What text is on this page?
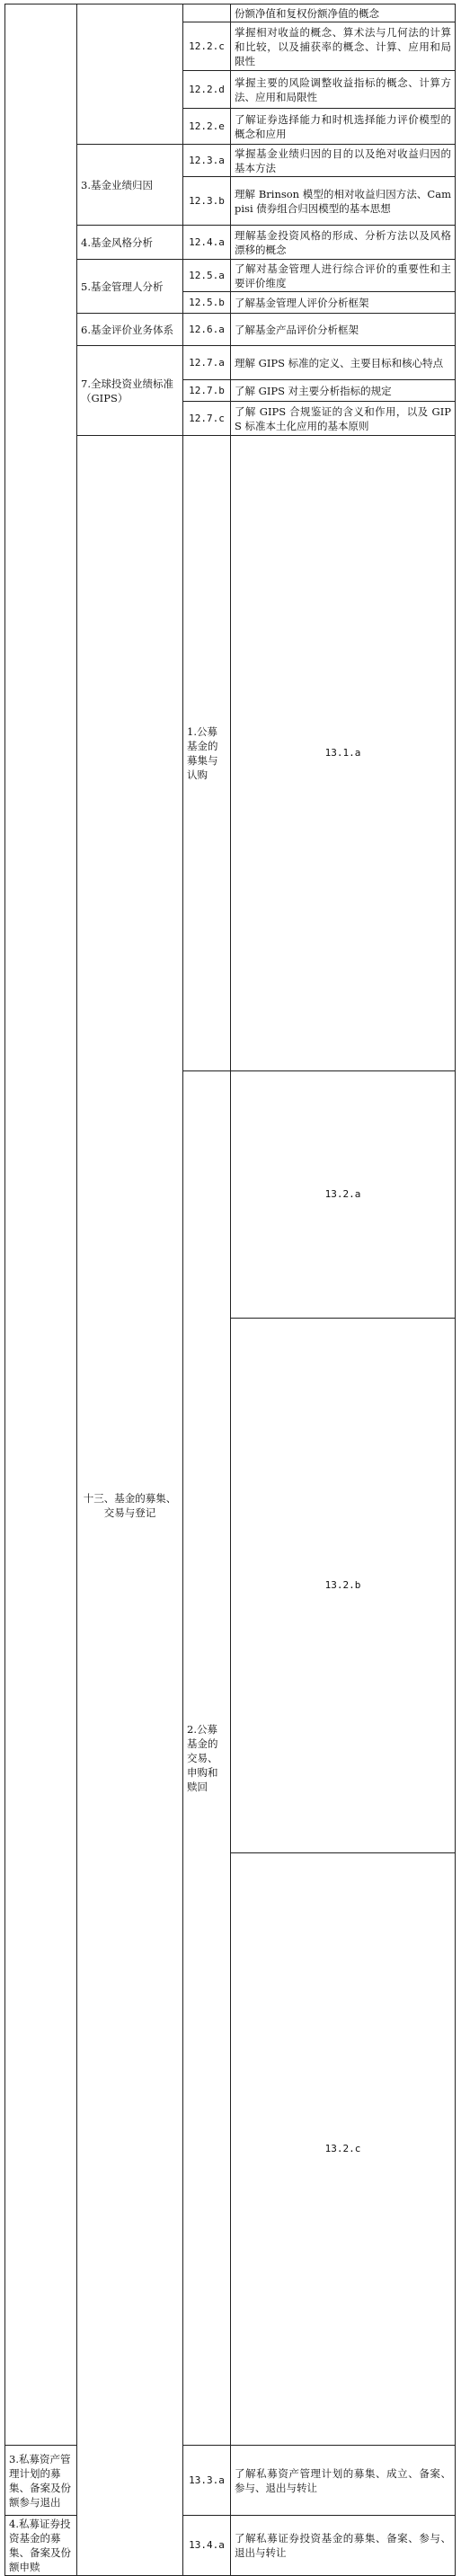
			份额净值和复权份额净值的概念	
		12.2.c	掌握相对收益的概念、算术法与几何法的计算和比较，以及捕获率的概念、计算、应用和局限性	
		12.2.d	掌握主要的风险调整收益指标的概念、计算方法、应用和局限性	
		12.2.e	了解证券选择能力和时机选择能力评价模型的概念和应用	
	3.基金业绩归因	12.3.a	掌握基金业绩归因的目的以及绝对收益归因的基本方法	
		12.3.b	理解 Brinson 模型的相对收益归因方法、Campisi 债券组合归因模型的基本思想	
	4.基金风格分析	12.4.a	理解基金投资风格的形成、分析方法以及风格漂移的概念	
	5.基金管理人分析	12.5.a	了解对基金管理人进行综合评价的重要性和主要评价维度	
		12.5.b	了解基金管理人评价分析框架	
	6.基金评价业务体系	12.6.a	了解基金产品评价分析框架	
	7.全球投资业绩标准（GIPS）	12.7.a	理解 GIPS 标准的定义、主要目标和核心特点	
		12.7.b	了解 GIPS 对主要分析指标的规定	
		12.7.c	了解 GIPS 合规鉴证的含义和作用，以及 GIPS 标准本土化应用的基本原则	
	十三、基金的募集、交易与登记	1.公募基金的募集与认购	13.1.a	
		2.公募基金的交易、申购和赎回	13.2.a	
			13.2.b	
			13.2.c	
3.私募资产管理计划的募集、备案及份额参与退出		13.3.a	了解私募资产管理计划的募集、成立、备案、参与、退出与转让	
4.私募证券投资基金的募集、备案及份额申赎		13.4.a	了解私募证券投资基金的募集、备案、参与、退出与转让	
